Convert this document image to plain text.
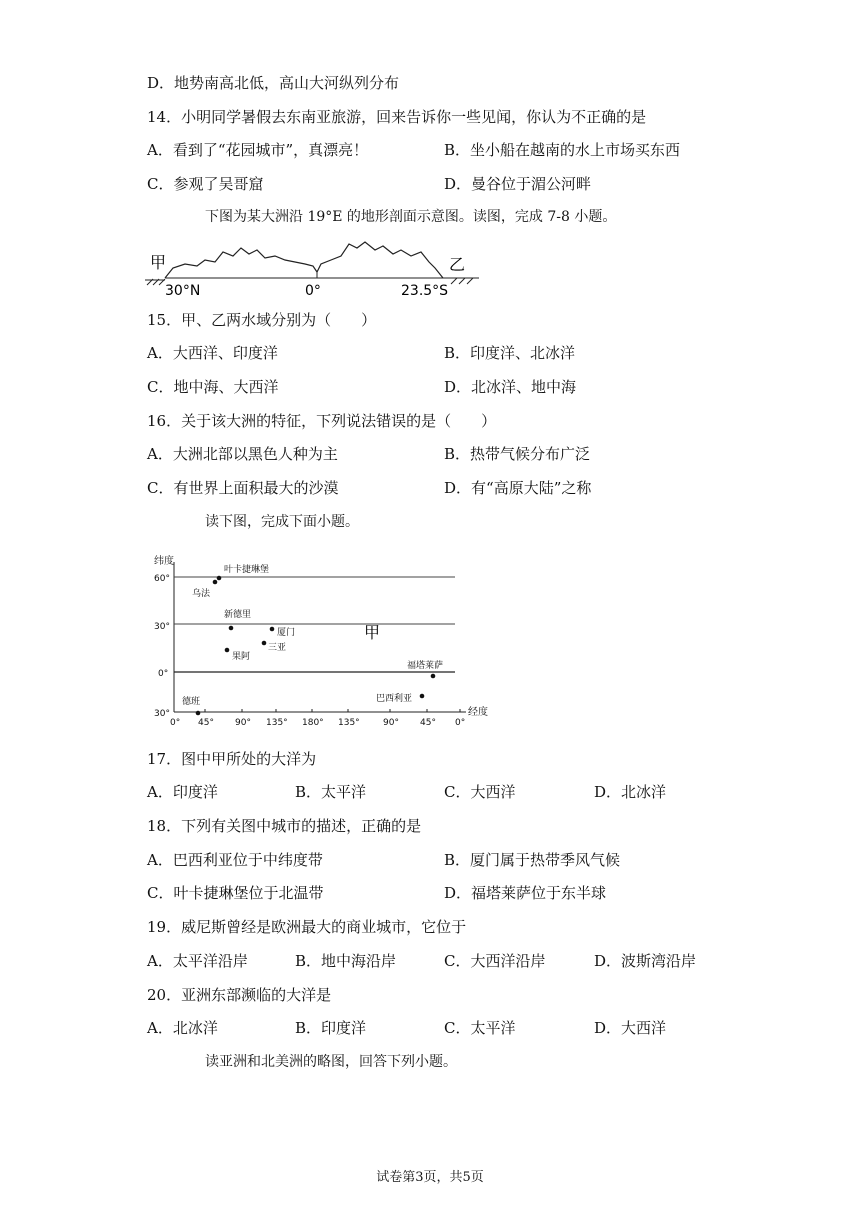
D．地势南高北低，高山大河纵列分布
14．小明同学暑假去东南亚旅游，回来告诉你一些见闻，你认为不正确的是
A．看到了“花园城市”，真漂亮！	B．坐小船在越南的水上市场买东西
C．参观了吴哥窟	D．曼谷位于湄公河畔
下图为某大洲沿 19°E 的地形剖面示意图。读图，完成 7-8 小题。
甲	乙
30°N	0°	23.5°S
15．甲、乙两水域分别为（　　）
A．大西洋、印度洋	B．印度洋、北冰洋
C．地中海、大西洋	D．北冰洋、地中海
16．关于该大洲的特征，下列说法错误的是（　　）
A．大洲北部以黑色人种为主	B．热带气候分布广泛
C．有世界上面积最大的沙漠	D．有“高原大陆”之称
读下图，完成下面小题。
纬度
经度
60°
30°
0°
30°
0° 45° 90° 135° 180° 135°	90° 45° 0°
甲
叶卡捷琳堡
乌法
新德里
厦门
三亚
果阿
福塔莱萨
巴西利亚
德班
17．图中甲所处的大洋为
A．印度洋	B．太平洋	C．大西洋	D．北冰洋
18．下列有关图中城市的描述，正确的是
A．巴西利亚位于中纬度带	B．厦门属于热带季风气候
C．叶卡捷琳堡位于北温带	D．福塔莱萨位于东半球
19．威尼斯曾经是欧洲最大的商业城市，它位于
A．太平洋沿岸	B．地中海沿岸	C．大西洋沿岸	D．波斯湾沿岸
20．亚洲东部濒临的大洋是
A．北冰洋	B．印度洋	C．太平洋	D．大西洋
读亚洲和北美洲的略图，回答下列小题。
试卷第3页，共5页
